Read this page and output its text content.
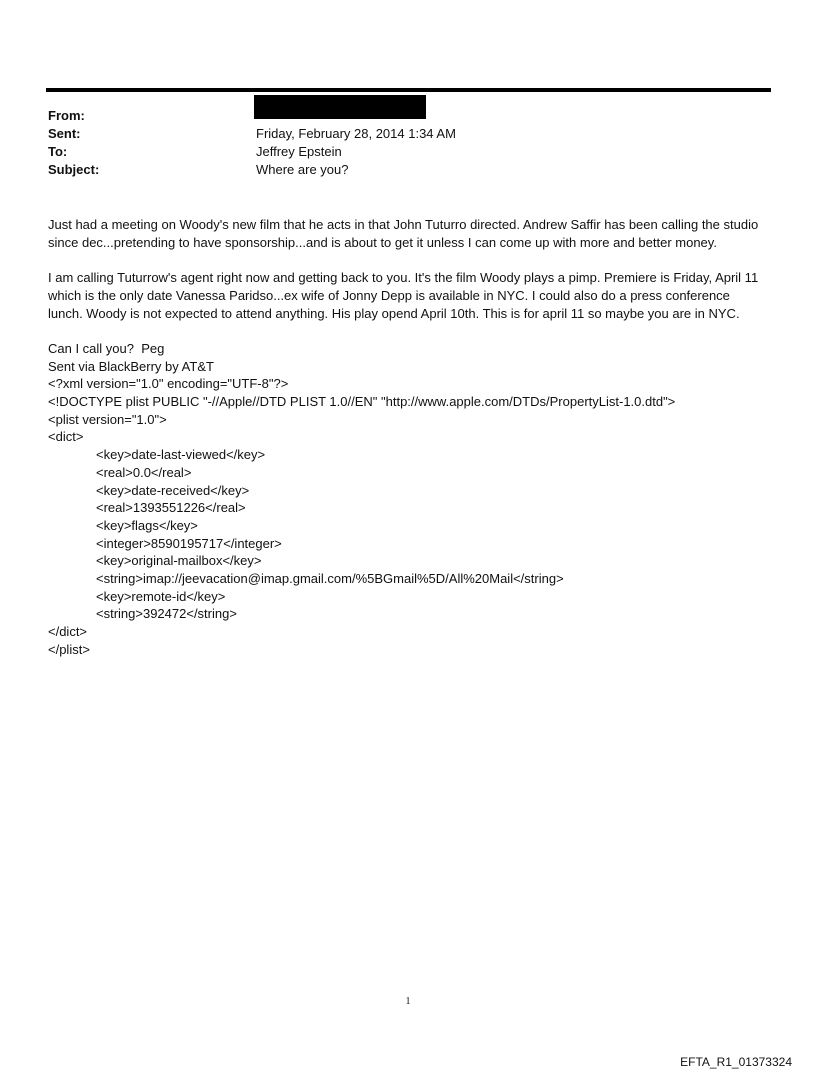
From:
Sent:	Friday, February 28, 2014 1:34 AM
To:	Jeffrey Epstein
Subject:	Where are you?

Just had a meeting on Woody's new film that he acts in that John Tuturro directed. Andrew Saffir has been calling the studio since dec...pretending to have sponsorship...and is about to get it unless I can come up with more and better money.

I am calling Tuturrow's agent right now and getting back to you. It's the film Woody plays a pimp. Premiere is Friday, April 11 which is the only date Vanessa Paridso...ex wife of Jonny Depp is available in NYC. I could also do a press conference lunch. Woody is not expected to attend anything. His play opend April 10th. This is for april 11 so maybe you are in NYC.

Can I call you?  Peg
Sent via BlackBerry by AT&T
<?xml version="1.0" encoding="UTF-8"?>
<!DOCTYPE plist PUBLIC "-//Apple//DTD PLIST 1.0//EN" "http://www.apple.com/DTDs/PropertyList-1.0.dtd">
<plist version="1.0">
<dict>
<key>date-last-viewed</key>
<real>0.0</real>
<key>date-received</key>
<real>1393551226</real>
<key>flags</key>
<integer>8590195717</integer>
<key>original-mailbox</key>
<string>imap://jeevacation@imap.gmail.com/%5BGmail%5D/All%20Mail</string>
<key>remote-id</key>
<string>392472</string>
</dict>
</plist>
1
EFTA_R1_01373324
